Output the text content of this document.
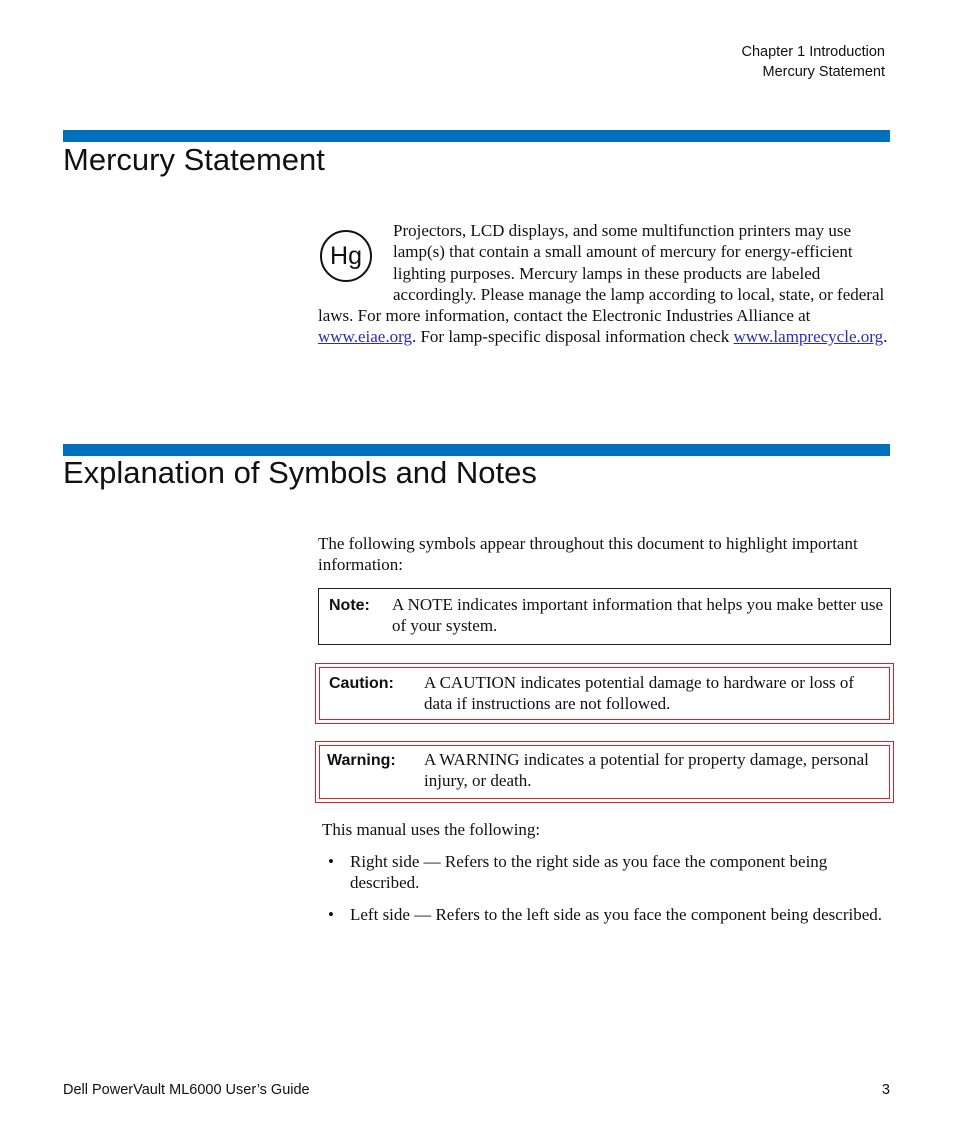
Chapter 1 Introduction
Mercury Statement
Mercury Statement
Hg

Projectors, LCD displays, and some multifunction printers may use lamp(s) that contain a small amount of mercury for energy-efficient lighting purposes. Mercury lamps in these products are labeled accordingly. Please manage the lamp according to local, state, or federal laws. For more information, contact the Electronic Industries Alliance at www.eiae.org. For lamp-specific disposal information check www.lamprecycle.org.

Explanation of Symbols and Notes

The following symbols appear throughout this document to highlight important information:

Note: A NOTE indicates important information that helps you make better use of your system.

Caution: A CAUTION indicates potential damage to hardware or loss of data if instructions are not followed.

Warning: A WARNING indicates a potential for property damage, personal injury, or death.

This manual uses the following:

• Right side — Refers to the right side as you face the component being described.
• Left side — Refers to the left side as you face the component being described.
Dell PowerVault ML6000 User’s Guide	3
